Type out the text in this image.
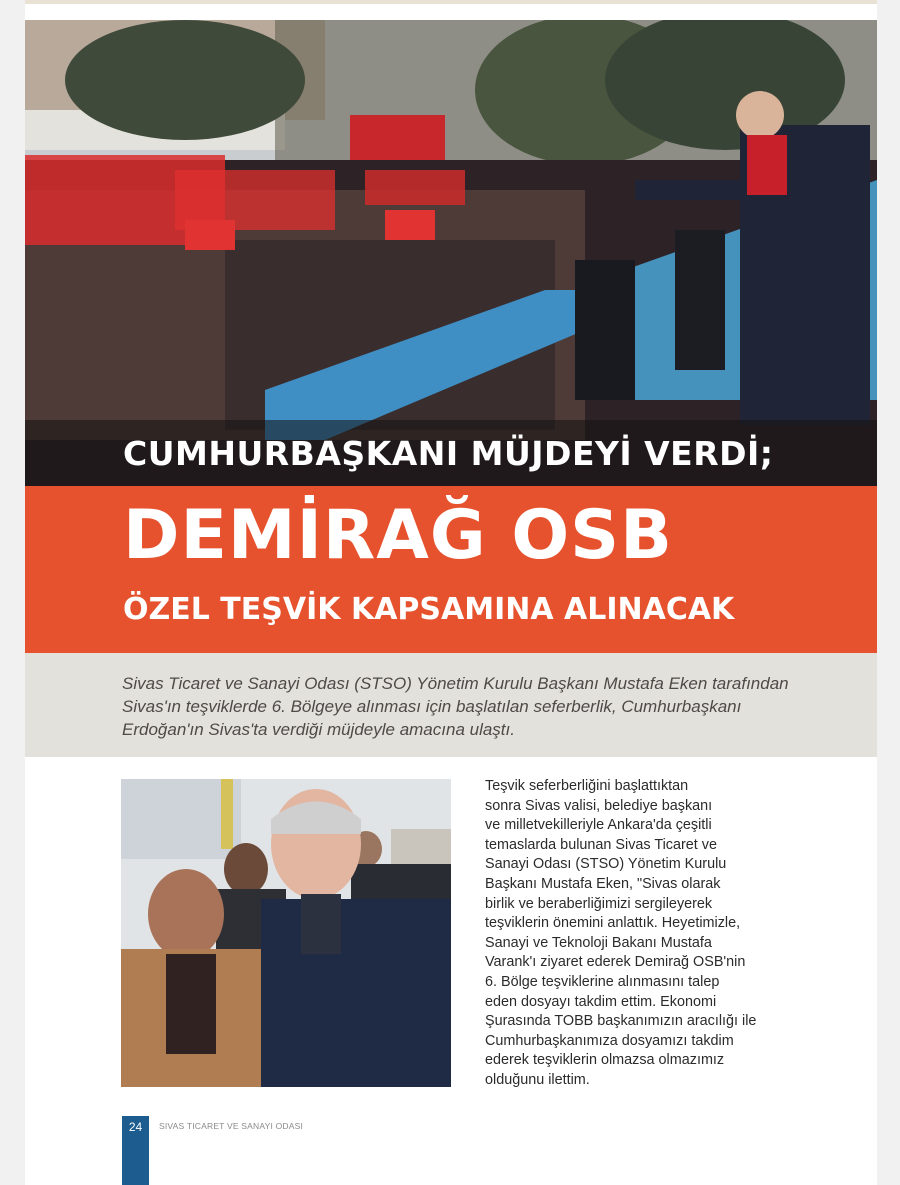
CUMHURBAŞKANI MÜJDEYİ VERDİ;
DEMİRAĞ OSB
ÖZEL TEŞVİK KAPSAMINA ALINACAK
Sivas Ticaret ve Sanayi Odası (STSO) Yönetim Kurulu Başkanı Mustafa Eken tarafından Sivas'ın teşviklerde 6. Bölgeye alınması için başlatılan seferberlik, Cumhurbaşkanı Erdoğan'ın Sivas'ta verdiği müjdeyle amacına ulaştı.
Teşvik seferberliğini başlattıktan
sonra Sivas valisi, belediye başkanı
ve milletvekilleriyle Ankara'da çeşitli
temaslarda bulunan Sivas Ticaret ve
Sanayi Odası (STSO) Yönetim Kurulu
Başkanı Mustafa Eken, "Sivas olarak
birlik ve beraberliğimizi sergileyerek
teşviklerin önemini anlattık. Heyetimizle,
Sanayi ve Teknoloji Bakanı Mustafa
Varank'ı ziyaret ederek Demirağ OSB'nin
6. Bölge teşviklerine alınmasını talep
eden dosyayı takdim ettim. Ekonomi
Şurasında TOBB başkanımızın aracılığı ile
Cumhurbaşkanımıza dosyamızı takdim
ederek teşviklerin olmazsa olmazımız
olduğunu ilettim.
24	SIVAS TICARET VE SANAYI ODASI
